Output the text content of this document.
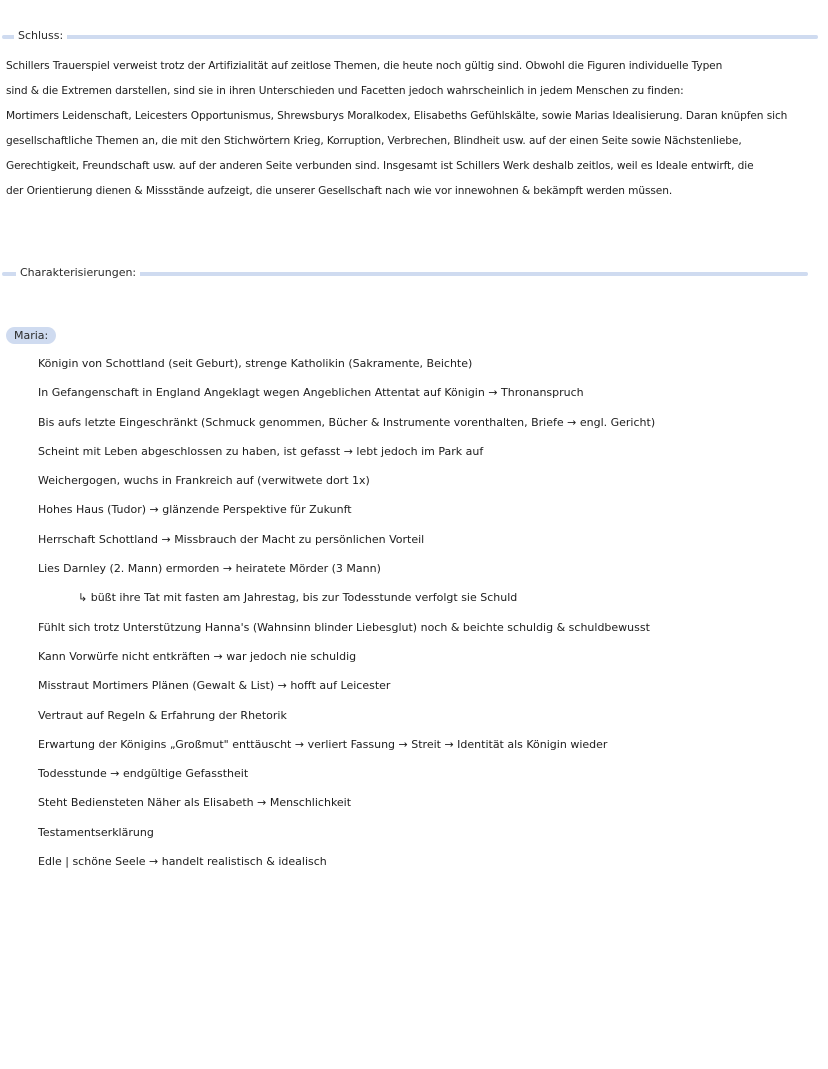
Schluss:
Schillers Trauerspiel verweist trotz der Artifizialität auf zeitlose Themen, die heute noch gültig sind. Obwohl die Figuren individuelle Typen
sind & die Extremen darstellen, sind sie in ihren Unterschieden und Facetten jedoch wahrscheinlich in jedem Menschen zu finden:
Mortimers Leidenschaft, Leicesters Opportunismus, Shrewsburys Moralkodex, Elisabeths Gefühlskälte, sowie Marias Idealisierung. Daran knüpfen sich
gesellschaftliche Themen an, die mit den Stichwörtern Krieg, Korruption, Verbrechen, Blindheit usw. auf der einen Seite sowie Nächstenliebe,
Gerechtigkeit, Freundschaft usw. auf der anderen Seite verbunden sind. Insgesamt ist Schillers Werk deshalb zeitlos, weil es Ideale entwirft, die
der Orientierung dienen & Missstände aufzeigt, die unserer Gesellschaft nach wie vor innewohnen & bekämpft werden müssen.
Charakterisierungen:
Maria:
Königin von Schottland (seit Geburt), strenge Katholikin (Sakramente, Beichte)
In Gefangenschaft in England Angeklagt wegen Angeblichen Attentat auf Königin → Thronanspruch
Bis aufs letzte Eingeschränkt (Schmuck genommen, Bücher & Instrumente vorenthalten, Briefe → engl. Gericht)
Scheint mit Leben abgeschlossen zu haben, ist gefasst → lebt jedoch im Park auf
Weichergogen, wuchs in Frankreich auf (verwitwete dort 1x)
Hohes Haus (Tudor) → glänzende Perspektive für Zukunft
Herrschaft Schottland → Missbrauch der Macht zu persönlichen Vorteil
Lies Darnley (2. Mann) ermorden → heiratete Mörder (3 Mann)
↳ büßt ihre Tat mit fasten am Jahrestag, bis zur Todesstunde verfolgt sie Schuld
Fühlt sich trotz Unterstützung Hanna's (Wahnsinn blinder Liebesglut) noch & beichte schuldig & schuldbewusst
Kann Vorwürfe nicht entkräften → war jedoch nie schuldig
Misstraut Mortimers Plänen (Gewalt & List) → hofft auf Leicester
Vertraut auf Regeln & Erfahrung der Rhetorik
Erwartung der Königins „Großmut" enttäuscht → verliert Fassung → Streit → Identität als Königin wieder
Todesstunde → endgültige Gefasstheit
Steht Bediensteten Näher als Elisabeth → Menschlichkeit
Testamentserklärung
Edle | schöne Seele → handelt realistisch & idealisch
